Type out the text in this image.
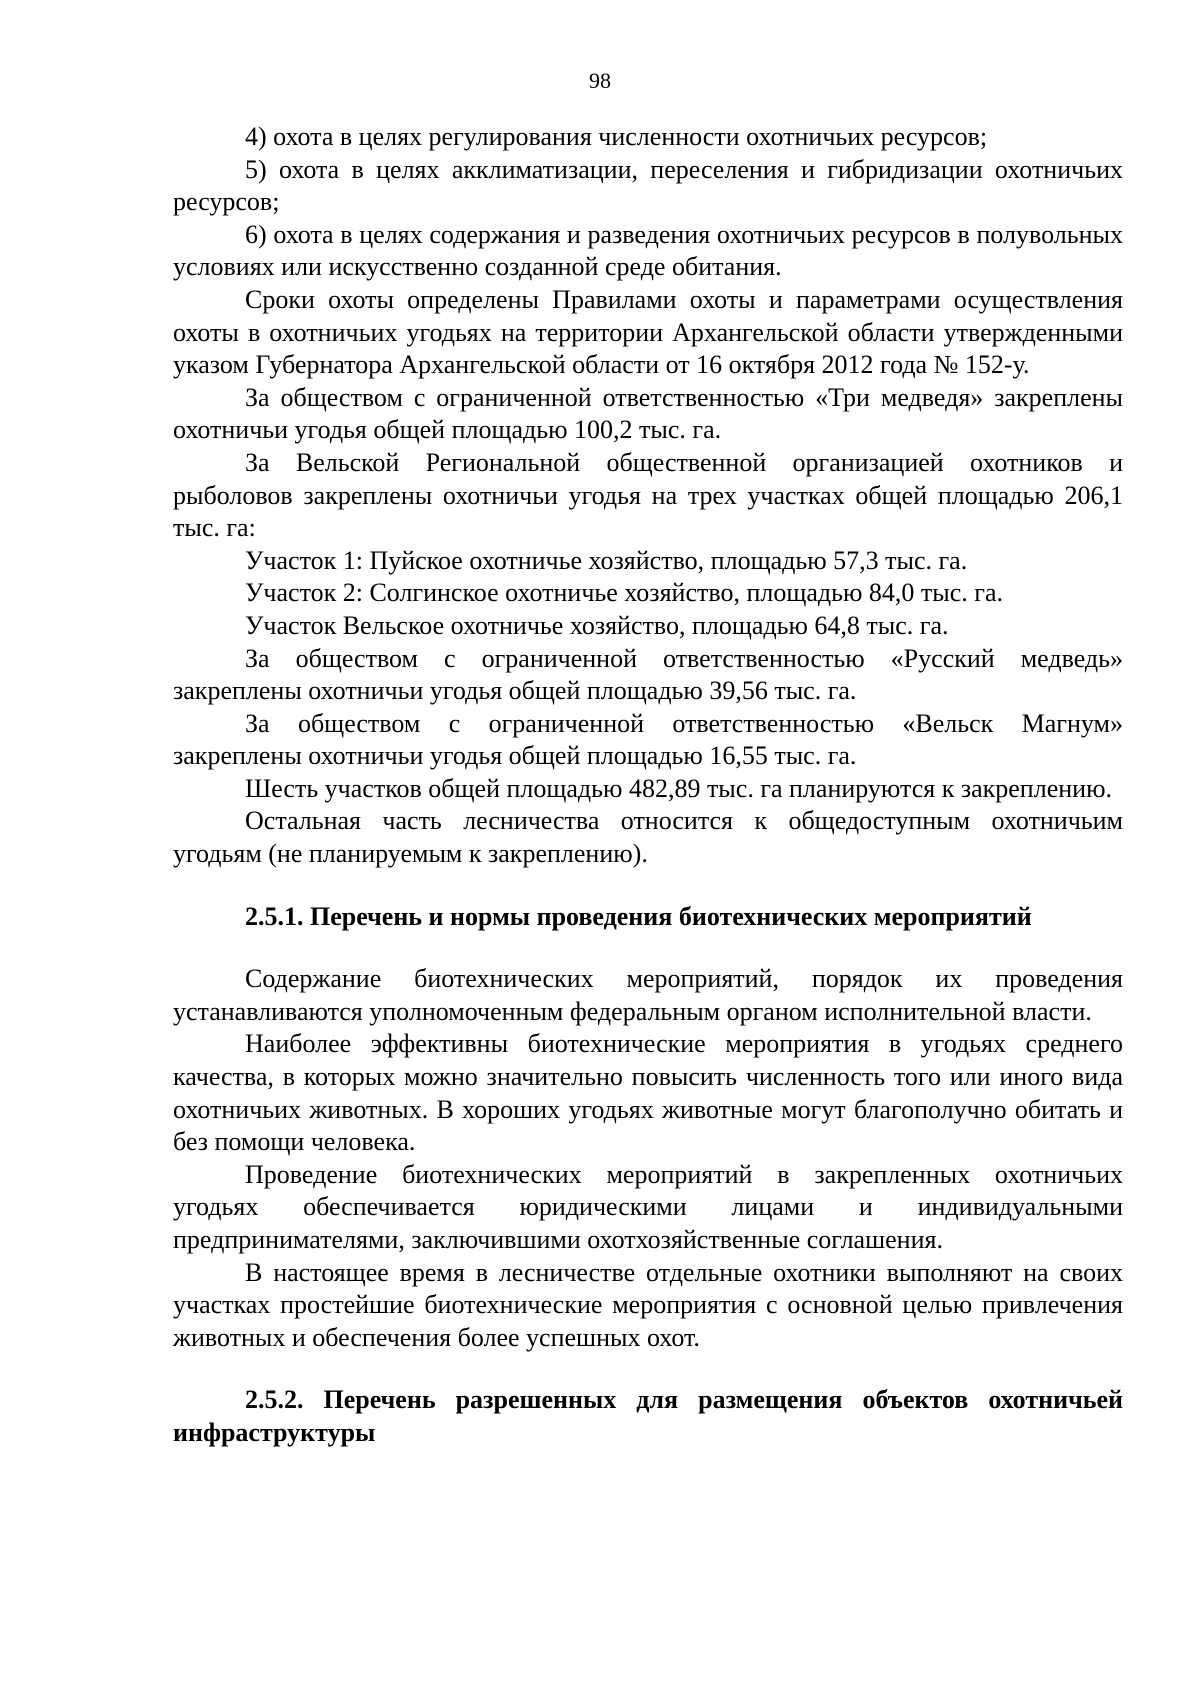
98

4) охота в целях регулирования численности охотничьих ресурсов;

5) охота в целях акклиматизации, переселения и гибридизации охотничьих ресурсов;

6) охота в целях содержания и разведения охотничьих ресурсов в полувольных условиях или искусственно созданной среде обитания.

Сроки охоты определены Правилами охоты и параметрами осуществления охоты в охотничьих угодьях на территории Архангельской области утвержденными указом Губернатора Архангельской области от 16 октября 2012 года № 152-у.

За обществом с ограниченной ответственностью «Три медведя» закреплены охотничьи угодья общей площадью 100,2 тыс. га.

За Вельской Региональной общественной организацией охотников и рыболовов закреплены охотничьи угодья на трех участках общей площадью 206,1 тыс. га:

Участок 1: Пуйское охотничье хозяйство, площадью 57,3 тыс. га.

Участок 2: Солгинское охотничье хозяйство, площадью 84,0 тыс. га.

Участок Вельское охотничье хозяйство, площадью 64,8 тыс. га.

За обществом с ограниченной ответственностью «Русский медведь» закреплены охотничьи угодья общей площадью 39,56 тыс. га.

За обществом с ограниченной ответственностью «Вельск Магнум» закреплены охотничьи угодья общей площадью 16,55 тыс. га.

Шесть участков общей площадью 482,89 тыс. га планируются к закреплению.

Остальная часть лесничества относится к общедоступным охотничьим угодьям (не планируемым к закреплению).

2.5.1. Перечень и нормы проведения биотехнических мероприятий

Содержание биотехнических мероприятий, порядок их проведения устанавливаются уполномоченным федеральным органом исполнительной власти.

Наиболее эффективны биотехнические мероприятия в угодьях среднего качества, в которых можно значительно повысить численность того или иного вида охотничьих животных. В хороших угодьях животные могут благополучно обитать и без помощи человека.

Проведение биотехнических мероприятий в закрепленных охотничьих угодьях обеспечивается юридическими лицами и индивидуальными предпринимателями, заключившими охотхозяйственные соглашения.

В настоящее время в лесничестве отдельные охотники выполняют на своих участках простейшие биотехнические мероприятия с основной целью привлечения животных и обеспечения более успешных охот.

2.5.2. Перечень разрешенных для размещения объектов охотничьей инфраструктуры
